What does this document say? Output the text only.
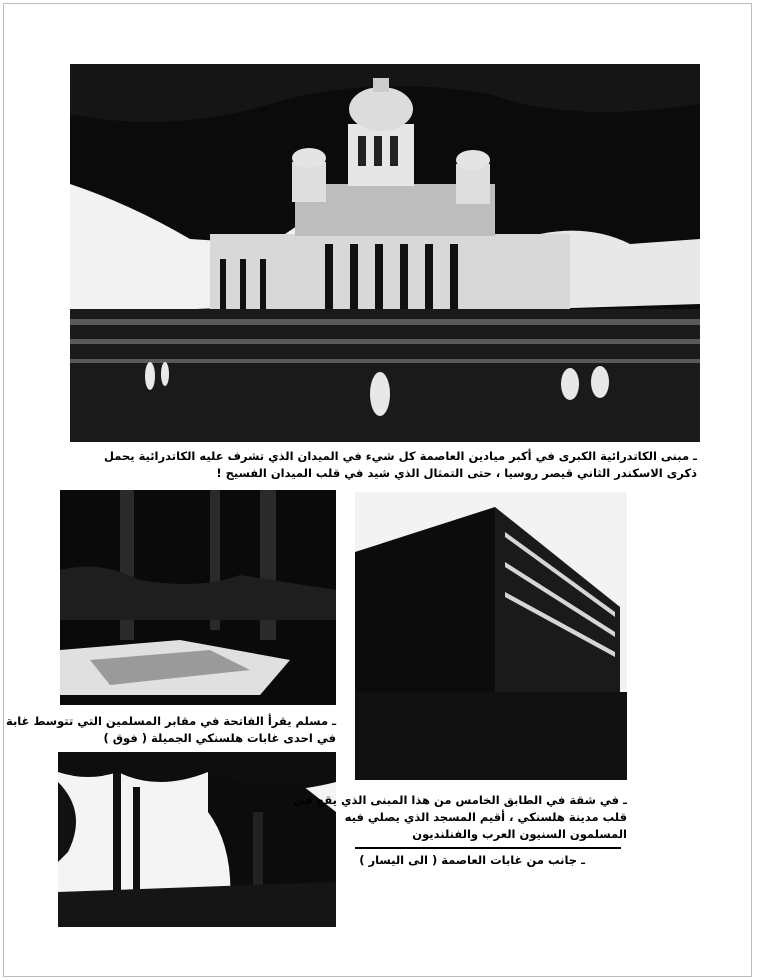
ـ مبنى الكاتدرائية الكبرى في أكبر ميادين العاصمة كل شيء في الميدان الذي تشرف عليه الكاتدرائية يحمل
ذكرى الاسكندر الثاني قيصر روسيا ، حتى التمثال الذي شيد في قلب الميدان الفسيح !
ـ مسلم يقرأ الفاتحة في مقابر المسلمين التي تتوسط غابة
في احدى غابات هلسنكي الجميلة ( فوق )
ـ في شقة في الطابق الخامس من هذا المبنى الذي يقع في
قلب مدينة هلسنكي ، أقيم المسجد الذي يصلي فيه
المسلمون السنيون العرب والفنلنديون
ـ جانب من غابات العاصمة ( الى اليسار )
